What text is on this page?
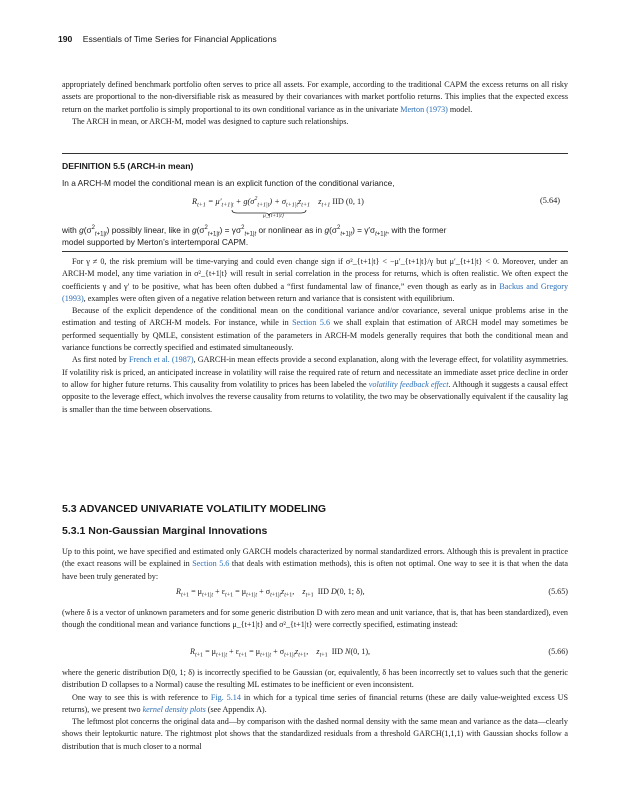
190 Essentials of Time Series for Financial Applications

appropriately defined benchmark portfolio often serves to price all assets. For example, according to the traditional CAPM the excess returns on all risky assets are proportional to the non-diversifiable risk as measured by their covariances with market portfolio returns. This implies that the expected excess return on the market portfolio is simply proportional to its own conditional variance as in the univariate Merton (1973) model.

The ARCH in mean, or ARCH-M, model was designed to capture such relationships.

DEFINITION 5.5 (ARCH-in mean)
In a ARCH-M model the conditional mean is an explicit function of the conditional variance,
$R_{t+1} = \mu'_{t+1|t} + g(\sigma^2_{t+1|t}) + \sigma_{t+1|t}z_{t+1}$    $z_{t+1}$ IID (0, 1)
μ_{t+1|t}
(5.64)
with $g(\sigma^2_{t+1|t})$ possibly linear, like in $g(\sigma^2_{t+1|t}) = \gamma\sigma^2_{t+1|t}$ or nonlinear as in $g(\sigma^2_{t+1|t}) = \gamma'\sigma_{t+1|t}$, with the former
model supported by Merton’s intertemporal CAPM.

For γ ≠ 0, the risk premium will be time-varying and could even change sign if σ²_{t+1|t} < −μ′_{t+1|t}/γ but μ′_{t+1|t} < 0. Moreover, under an ARCH-M model, any time variation in σ²_{t+1|t} will result in serial correlation in the process for returns, which is often realistic. We often expect the coefficients γ and γ′ to be positive, what has been often dubbed a “first fundamental law of finance,” even though as early as in Backus and Gregory (1993), examples were often given of a negative relation between return and variance that is consistent with equilibrium.

Because of the explicit dependence of the conditional mean on the conditional variance and/or covariance, several unique problems arise in the estimation and testing of ARCH-M models. For instance, while in Section 5.6 we shall explain that estimation of ARCH model may sometimes be performed sequentially by QMLE, consistent estimation of the parameters in ARCH-M models generally requires that both the conditional mean and variance functions be correctly specified and estimated simultaneously.

As first noted by French et al. (1987), GARCH-in mean effects provide a second explanation, along with the leverage effect, for volatility asymmetries. If volatility risk is priced, an anticipated increase in volatility will raise the required rate of return and necessitate an immediate asset price decline in order to allow for higher future returns. This causality from volatility to prices has been labeled the volatility feedback effect. Although it suggests a causal effect opposite to the leverage effect, which involves the reverse causality from returns to volatility, the two may be observationally equivalent if the causality lag is smaller than the time between observations.

5.3 ADVANCED UNIVARIATE VOLATILITY MODELING
5.3.1 Non-Gaussian Marginal Innovations

Up to this point, we have specified and estimated only GARCH models characterized by normal standardized errors. Although this is prevalent in practice (the exact reasons will be explained in Section 5.6 that deals with estimation methods), this is often not optimal. One way to see it is that when the data have been truly generated by:

$R_{t+1} = \mu_{t+1|t} + \varepsilon_{t+1} = \mu_{t+1|t} + \sigma_{t+1|t}z_{t+1}$,    $z_{t+1}$  IID D(0, 1; δ),	(5.65)

(where δ is a vector of unknown parameters and for some generic distribution D with zero mean and unit variance, that is, that has been standardized), even though the conditional mean and variance functions μ_{t+1|t} and σ²_{t+1|t} were correctly specified, estimating instead:

$R_{t+1} = \mu_{t+1|t} + \varepsilon_{t+1} = \mu_{t+1|t} + \sigma_{t+1|t}z_{t+1}$,    $z_{t+1}$  IID N(0, 1),	(5.66)

where the generic distribution D(0, 1; δ) is incorrectly specified to be Gaussian (or, equivalently, δ has been incorrectly set to values such that the generic distribution D collapses to a Normal) cause the resulting ML estimates to be inefficient or even inconsistent.

One way to see this is with reference to Fig. 5.14 in which for a typical time series of financial returns (these are daily value-weighted excess US returns), we present two kernel density plots (see Appendix A).

The leftmost plot concerns the original data and—by comparison with the dashed normal density with the same mean and variance as the data—clearly shows their leptokurtic nature. The rightmost plot shows that the standardized residuals from a threshold GARCH(1,1,1) with Gaussian shocks follow a distribution that is much closer to a normal
